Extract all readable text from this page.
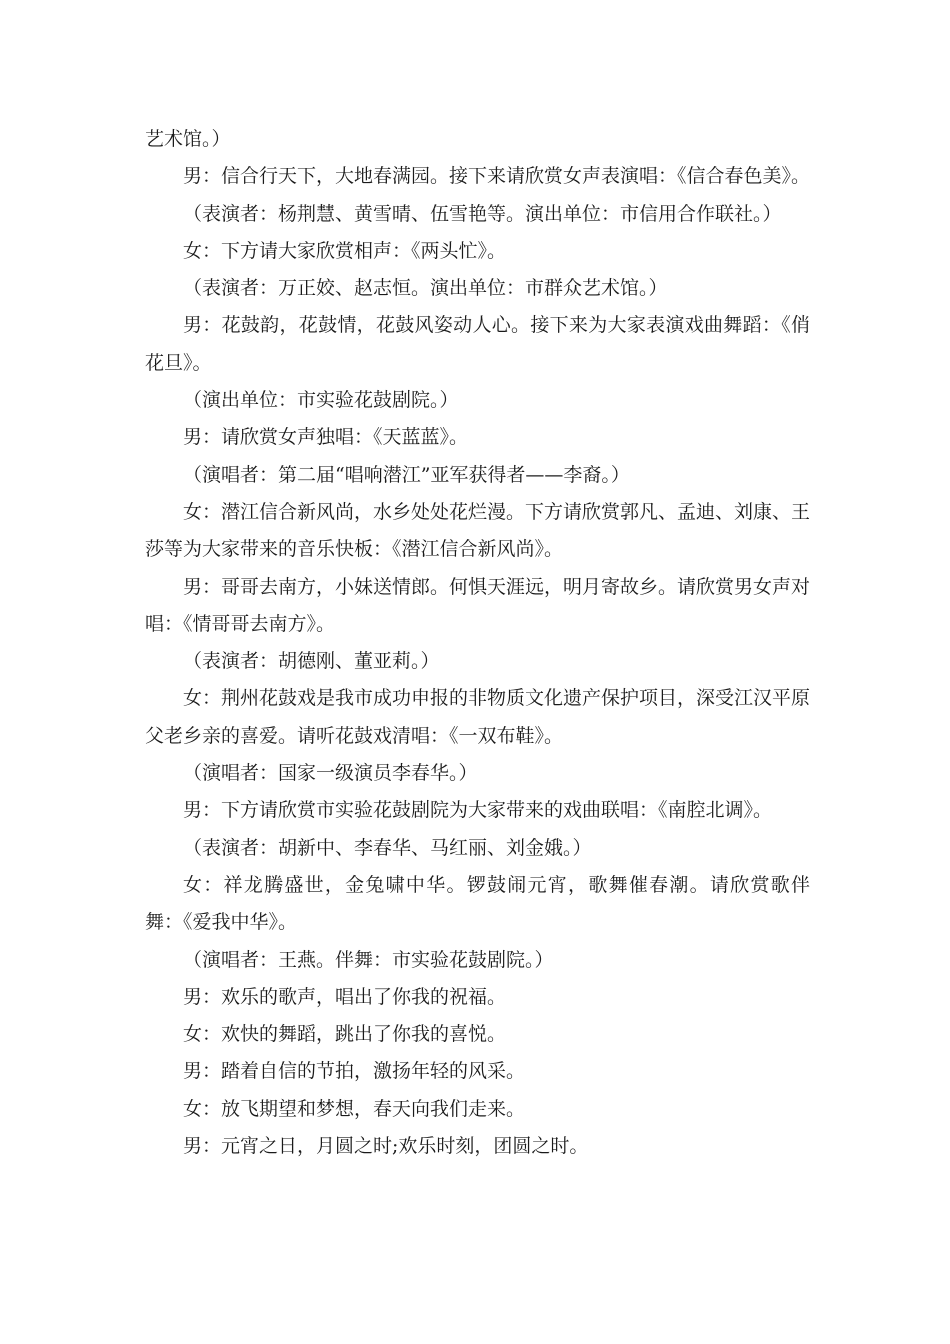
艺术馆。）

男：信合行天下，大地春满园。接下来请欣赏女声表演唱：《信合春色美》。

（表演者：杨荆慧、黄雪晴、伍雪艳等。演出单位：市信用合作联社。）

女：下方请大家欣赏相声：《两头忙》。

（表演者：万正姣、赵志恒。演出单位：市群众艺术馆。）

男：花鼓韵，花鼓情，花鼓风姿动人心。接下来为大家表演戏曲舞蹈：《俏花旦》。

（演出单位：市实验花鼓剧院。）

男：请欣赏女声独唱：《天蓝蓝》。

（演唱者：第二届“唱响潜江”亚军获得者——李裔。）

女：潜江信合新风尚，水乡处处花烂漫。下方请欣赏郭凡、孟迪、刘康、王莎等为大家带来的音乐快板：《潜江信合新风尚》。

男：哥哥去南方，小妹送情郎。何惧天涯远，明月寄故乡。请欣赏男女声对唱：《情哥哥去南方》。

（表演者：胡德刚、董亚莉。）

女：荆州花鼓戏是我市成功申报的非物质文化遗产保护项目，深受江汉平原父老乡亲的喜爱。请听花鼓戏清唱：《一双布鞋》。

（演唱者：国家一级演员李春华。）

男：下方请欣赏市实验花鼓剧院为大家带来的戏曲联唱：《南腔北调》。

（表演者：胡新中、李春华、马红丽、刘金娥。）

女：祥龙腾盛世，金兔啸中华。锣鼓闹元宵，歌舞催春潮。请欣赏歌伴舞：《爱我中华》。

（演唱者：王燕。伴舞：市实验花鼓剧院。）

男：欢乐的歌声，唱出了你我的祝福。

女：欢快的舞蹈，跳出了你我的喜悦。

男：踏着自信的节拍，激扬年轻的风采。

女：放飞期望和梦想，春天向我们走来。

男：元宵之日，月圆之时;欢乐时刻，团圆之时。
